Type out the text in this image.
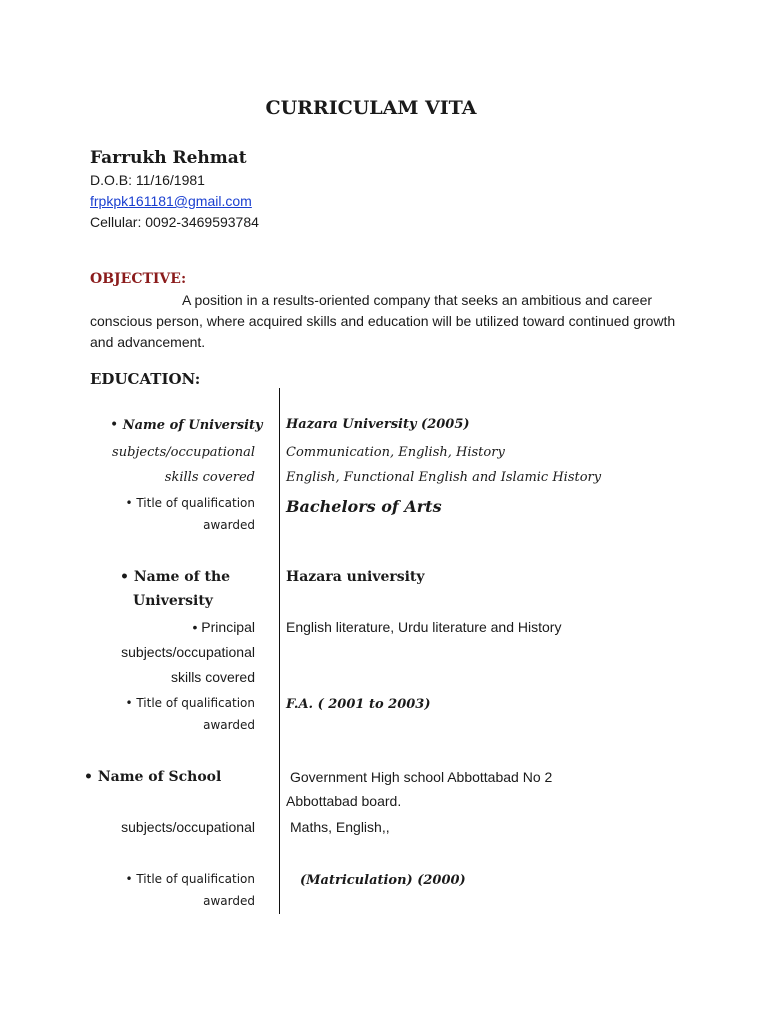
CURRICULAM VITA
Farrukh Rehmat
D.O.B: 11/16/1981
frpkpk161181@gmail.com
Cellular: 0092-3469593784
OBJECTIVE:
A position in a results-oriented company that seeks an ambitious and career conscious person, where acquired skills and education will be utilized toward continued growth and advancement.
EDUCATION:
• Name of University Hazara University (2005)
subjects/occupational
skills covered
Communication, English, History
English, Functional English and Islamic History
• Title of qualification
awarded
Bachelors of Arts
• Name of the
University
Hazara university
• Principal
subjects/occupational
skills covered
English literature, Urdu literature and History
• Title of qualification
awarded
F.A. ( 2001 to 2003)
• Name of School	Government High school Abbottabad No 2
Abbottabad board.
subjects/occupational	Maths, English,,
• Title of qualification
awarded
(Matriculation) (2000)
